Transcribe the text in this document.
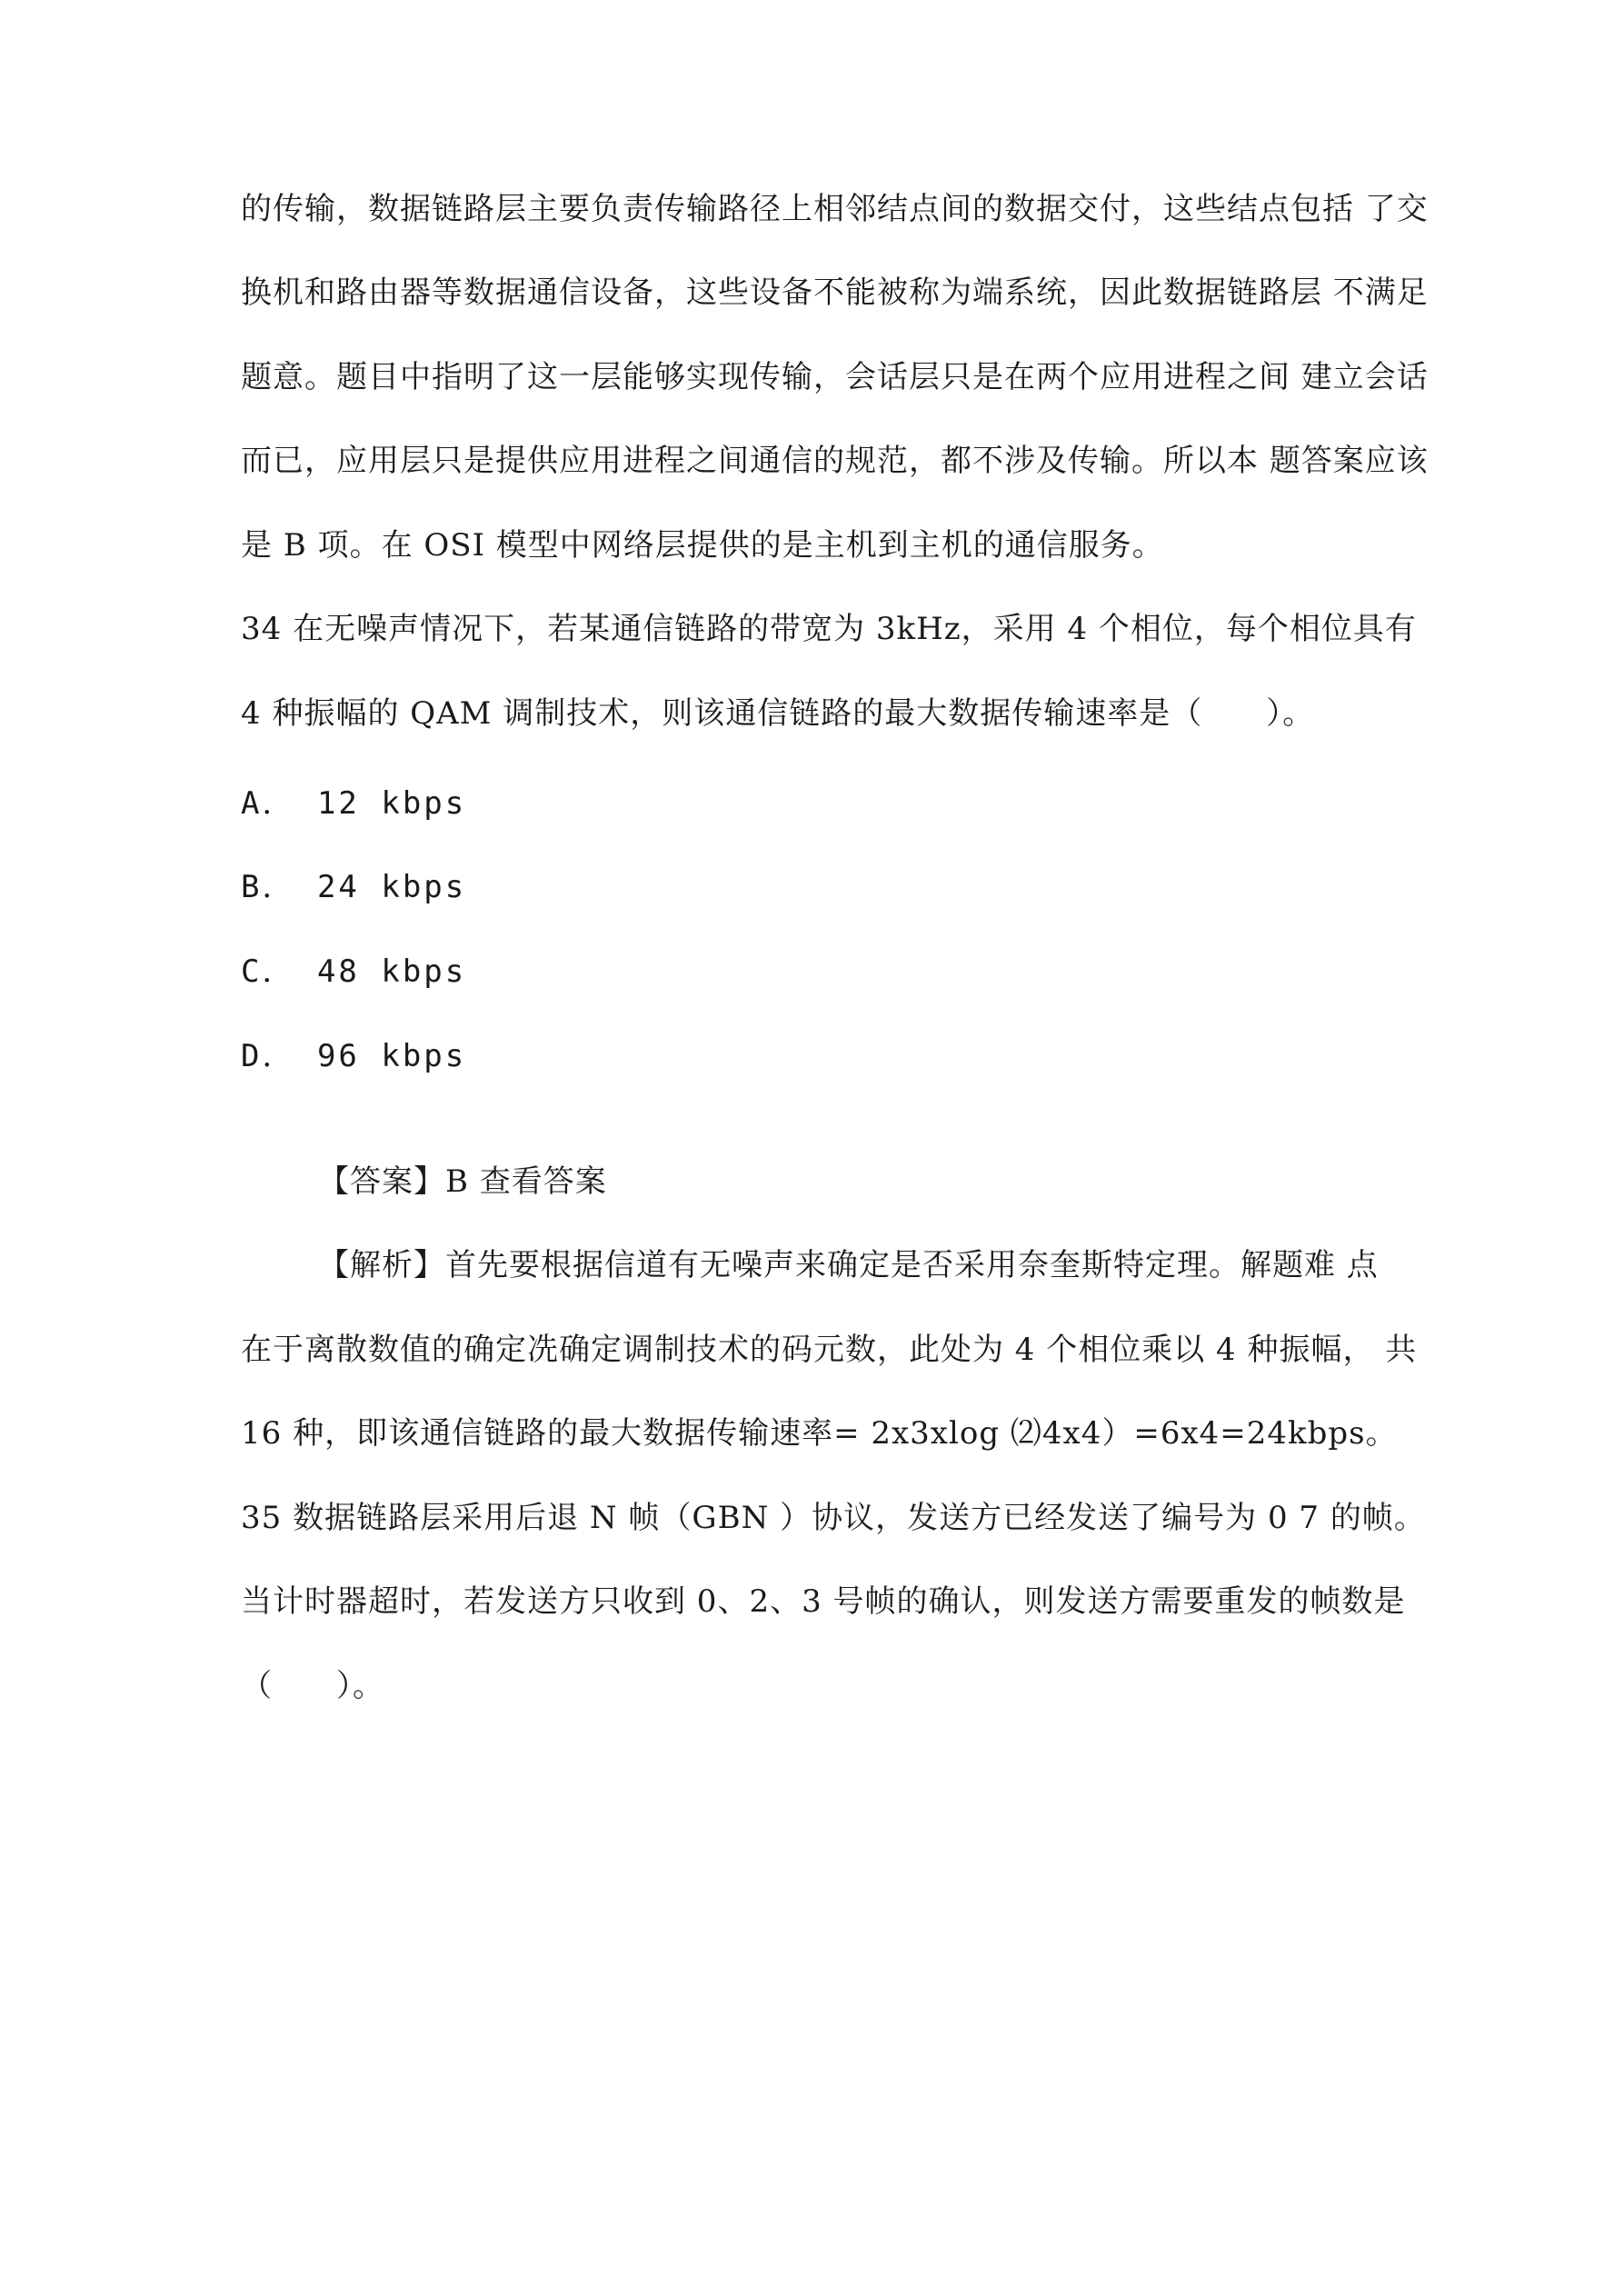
的传输，数据链路层主要负责传输路径上相邻结点间的数据交付，这些结点包括 了交
换机和路由器等数据通信设备，这些设备不能被称为端系统，因此数据链路层 不满足
题意。题目中指明了这一层能够实现传输，会话层只是在两个应用进程之间 建立会话
而已，应用层只是提供应用进程之间通信的规范，都不涉及传输。所以本 题答案应该
是 B 项。在 OSI 模型中网络层提供的是主机到主机的通信服务。
34 在无噪声情况下，若某通信链路的带宽为 3kHz，采用 4 个相位，每个相位具有
4 种振幅的 QAM 调制技术，则该通信链路的最大数据传输速率是（　　）。
A． 12 kbps
B． 24 kbps
C． 48 kbps
D． 96 kbps
【答案】B 查看答案
【解析】首先要根据信道有无噪声来确定是否采用奈奎斯特定理。解题难 点
在于离散数值的确定冼确定调制技术的码元数，此处为 4 个相位乘以 4 种振幅， 共
16 种，即该通信链路的最大数据传输速率= 2x3xlog ⑵4x4）=6x4=24kbps。
35 数据链路层采用后退 N 帧（GBN ）协议，发送方已经发送了编号为 0 7 的帧。
当计时器超时，若发送方只收到 0、2、3 号帧的确认，则发送方需要重发的帧数是
（　　）。
